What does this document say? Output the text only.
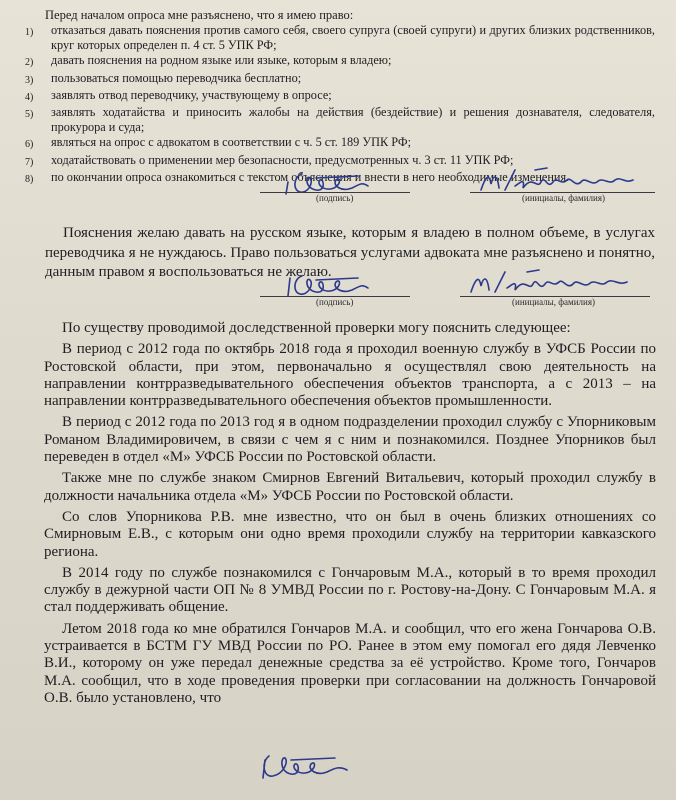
Перед началом опроса мне разъяснено, что я имею право:

1)	отказаться давать пояснения против самого себя, своего супруга (своей супруги) и других близких родственников, круг которых определен п. 4 ст. 5 УПК РФ;
2)	давать пояснения на родном языке или языке, которым я владею;
3)	пользоваться помощью переводчика бесплатно;
4)	заявлять отвод переводчику, участвующему в опросе;
5)	заявлять ходатайства и приносить жалобы на действия (бездействие) и решения дознавателя, следователя, прокурора и суда;
6)	являться на опрос с адвокатом в соответствии с ч. 5 ст. 189 УПК РФ;
7)	ходатайствовать о применении мер безопасности, предусмотренных ч. 3 ст. 11 УПК РФ;
8)	по окончании опроса ознакомиться с текстом объяснения и внести в него необходимые изменения.
(подпись)	(инициалы, фамилия)

Пояснения желаю давать на русском языке, которым я владею в полном объеме, в услугах переводчика я не нуждаюсь. Право пользоваться услугами адвоката мне разъяснено и понятно, данным правом я воспользоваться не желаю.

(подпись)	(инициалы, фамилия)

По существу проводимой доследственной проверки могу пояснить следующее:

В период с 2012 года по октябрь 2018 года я проходил военную службу в УФСБ России по Ростовской области, при этом, первоначально я осуществлял свою деятельность на направлении контрразведывательного обеспечения объектов транспорта, а с 2013 – на направлении контрразведывательного обеспечения объектов промышленности.

В период с 2012 года по 2013 год я в одном подразделении проходил службу с Упорниковым Романом Владимировичем, в связи с чем я с ним и познакомился. Позднее Упорников был переведен в отдел «М» УФСБ России по Ростовской области.

Также мне по службе знаком Смирнов Евгений Витальевич, который проходил службу в должности начальника отдела «М» УФСБ России по Ростовской области.

Со слов Упорникова Р.В. мне известно, что он был в очень близких отношениях со Смирновым Е.В., с которым они одно время проходили службу на территории кавказского региона.

В 2014 году по службе познакомился с Гончаровым М.А., который в то время проходил службу в дежурной части ОП № 8 УМВД России по г. Ростову-на-Дону. С Гончаровым М.А. я стал поддерживать общение.

Летом 2018 года ко мне обратился Гончаров М.А. и сообщил, что его жена Гончарова О.В. устраивается в БСТМ ГУ МВД России по РО. Ранее в этом ему помогал его дядя Левченко В.И., которому он уже передал денежные средства за её устройство. Кроме того, Гончаров М.А. сообщил, что в ходе проведения проверки при согласовании на должность Гончаровой О.В. было установлено, что
